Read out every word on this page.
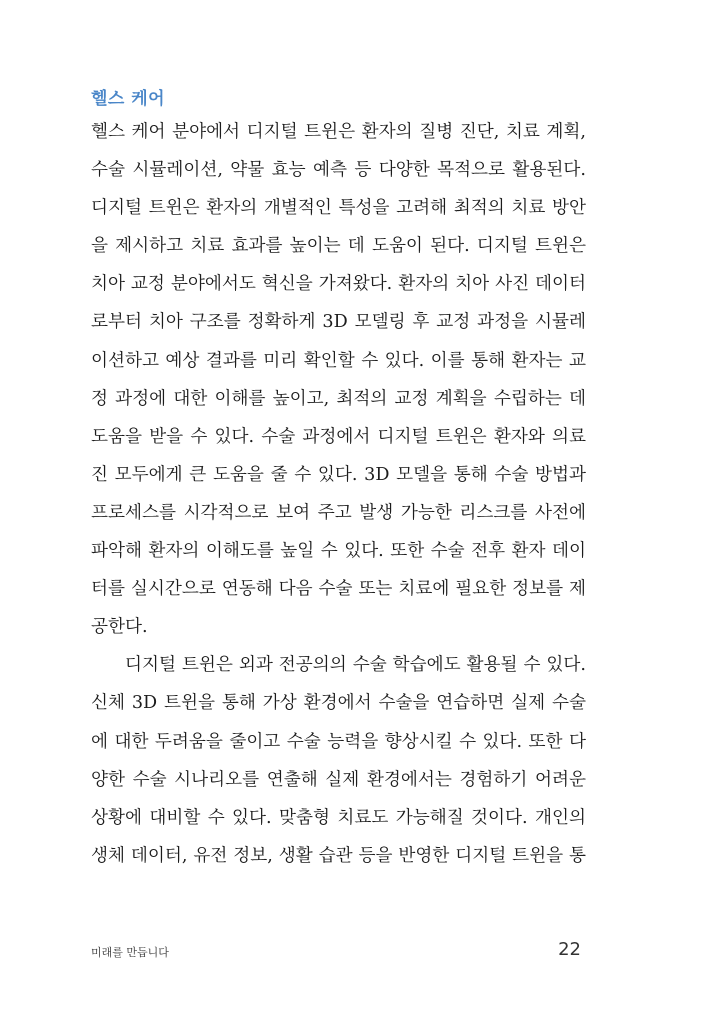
헬스 케어
헬스 케어 분야에서 디지털 트윈은 환자의 질병 진단, 치료 계획,
수술 시뮬레이션, 약물 효능 예측 등 다양한 목적으로 활용된다.
디지털 트윈은 환자의 개별적인 특성을 고려해 최적의 치료 방안
을 제시하고 치료 효과를 높이는 데 도움이 된다. 디지털 트윈은
치아 교정 분야에서도 혁신을 가져왔다. 환자의 치아 사진 데이터
로부터 치아 구조를 정확하게 3D 모델링 후 교정 과정을 시뮬레
이션하고 예상 결과를 미리 확인할 수 있다. 이를 통해 환자는 교
정 과정에 대한 이해를 높이고, 최적의 교정 계획을 수립하는 데
도움을 받을 수 있다. 수술 과정에서 디지털 트윈은 환자와 의료
진 모두에게 큰 도움을 줄 수 있다. 3D 모델을 통해 수술 방법과
프로세스를 시각적으로 보여 주고 발생 가능한 리스크를 사전에
파악해 환자의 이해도를 높일 수 있다. 또한 수술 전후 환자 데이
터를 실시간으로 연동해 다음 수술 또는 치료에 필요한 정보를 제
공한다.
디지털 트윈은 외과 전공의의 수술 학습에도 활용될 수 있다.
신체 3D 트윈을 통해 가상 환경에서 수술을 연습하면 실제 수술
에 대한 두려움을 줄이고 수술 능력을 향상시킬 수 있다. 또한 다
양한 수술 시나리오를 연출해 실제 환경에서는 경험하기 어려운
상황에 대비할 수 있다. 맞춤형 치료도 가능해질 것이다. 개인의
생체 데이터, 유전 정보, 생활 습관 등을 반영한 디지털 트윈을 통

미래를 만듭니다	22
